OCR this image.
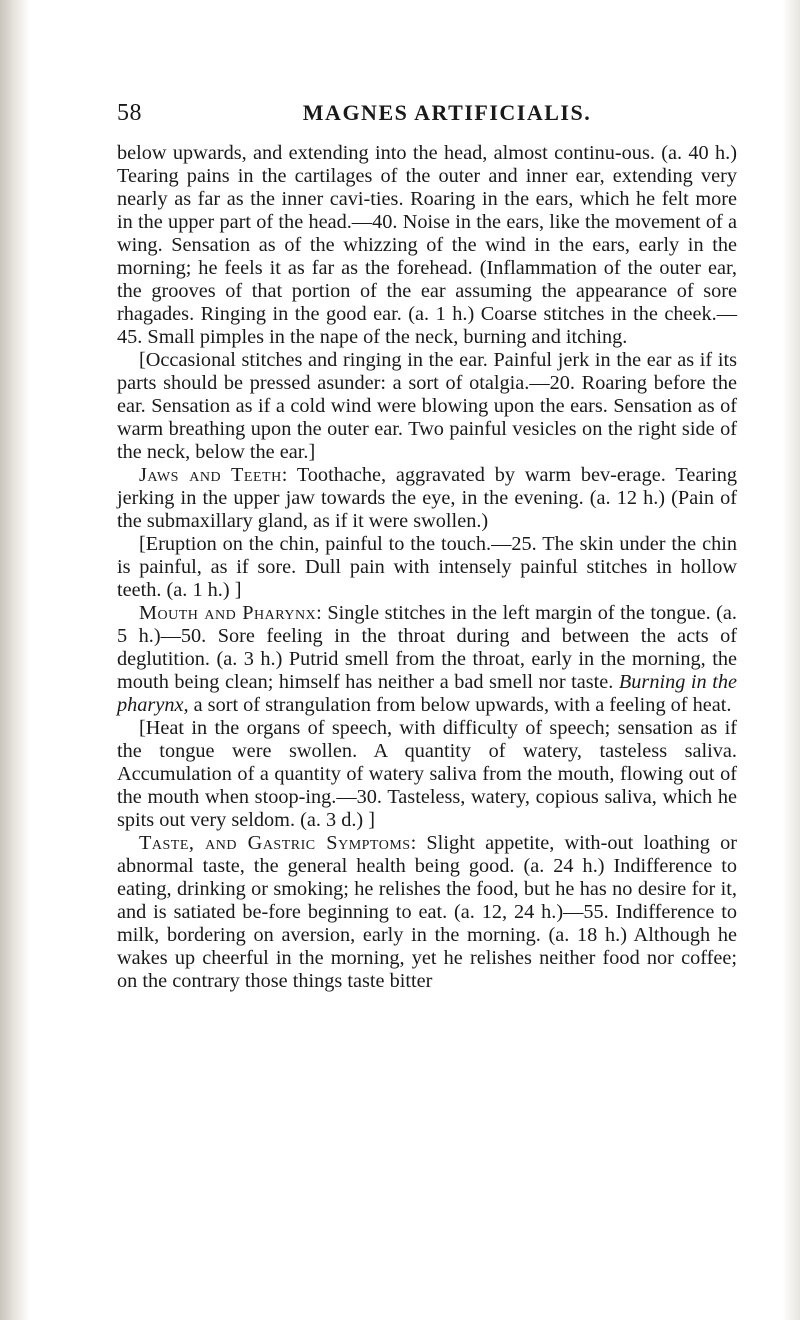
58	MAGNES ARTIFICIALIS.

below upwards, and extending into the head, almost continu-ous. (a. 40 h.) Tearing pains in the cartilages of the outer and inner ear, extending very nearly as far as the inner cavi-ties. Roaring in the ears, which he felt more in the upper part of the head.—40. Noise in the ears, like the movement of a wing. Sensation as of the whizzing of the wind in the ears, early in the morning; he feels it as far as the forehead. (Inflammation of the outer ear, the grooves of that portion of the ear assuming the appearance of sore rhagades. Ringing in the good ear. (a. 1 h.) Coarse stitches in the cheek.—45. Small pimples in the nape of the neck, burning and itching.

[Occasional stitches and ringing in the ear. Painful jerk in the ear as if its parts should be pressed asunder: a sort of otalgia.—20. Roaring before the ear. Sensation as if a cold wind were blowing upon the ears. Sensation as of warm breathing upon the outer ear. Two painful vesicles on the right side of the neck, below the ear.]

Jaws and Teeth: Toothache, aggravated by warm bev-erage. Tearing jerking in the upper jaw towards the eye, in the evening. (a. 12 h.) (Pain of the submaxillary gland, as if it were swollen.)

[Eruption on the chin, painful to the touch.—25. The skin under the chin is painful, as if sore. Dull pain with intensely painful stitches in hollow teeth. (a. 1 h.) ]

Mouth and Pharynx: Single stitches in the left margin of the tongue. (a. 5 h.)—50. Sore feeling in the throat during and between the acts of deglutition. (a. 3 h.) Putrid smell from the throat, early in the morning, the mouth being clean; himself has neither a bad smell nor taste. Burning in the pharynx, a sort of strangulation from below upwards, with a feeling of heat.

[Heat in the organs of speech, with difficulty of speech; sensation as if the tongue were swollen. A quantity of watery, tasteless saliva. Accumulation of a quantity of watery saliva from the mouth, flowing out of the mouth when stoop-ing.—30. Tasteless, watery, copious saliva, which he spits out very seldom. (a. 3 d.) ]

Taste, and Gastric Symptoms: Slight appetite, with-out loathing or abnormal taste, the general health being good. (a. 24 h.) Indifference to eating, drinking or smoking; he relishes the food, but he has no desire for it, and is satiated be-fore beginning to eat. (a. 12, 24 h.)—55. Indifference to milk, bordering on aversion, early in the morning. (a. 18 h.) Although he wakes up cheerful in the morning, yet he relishes neither food nor coffee; on the contrary those things taste bitter
